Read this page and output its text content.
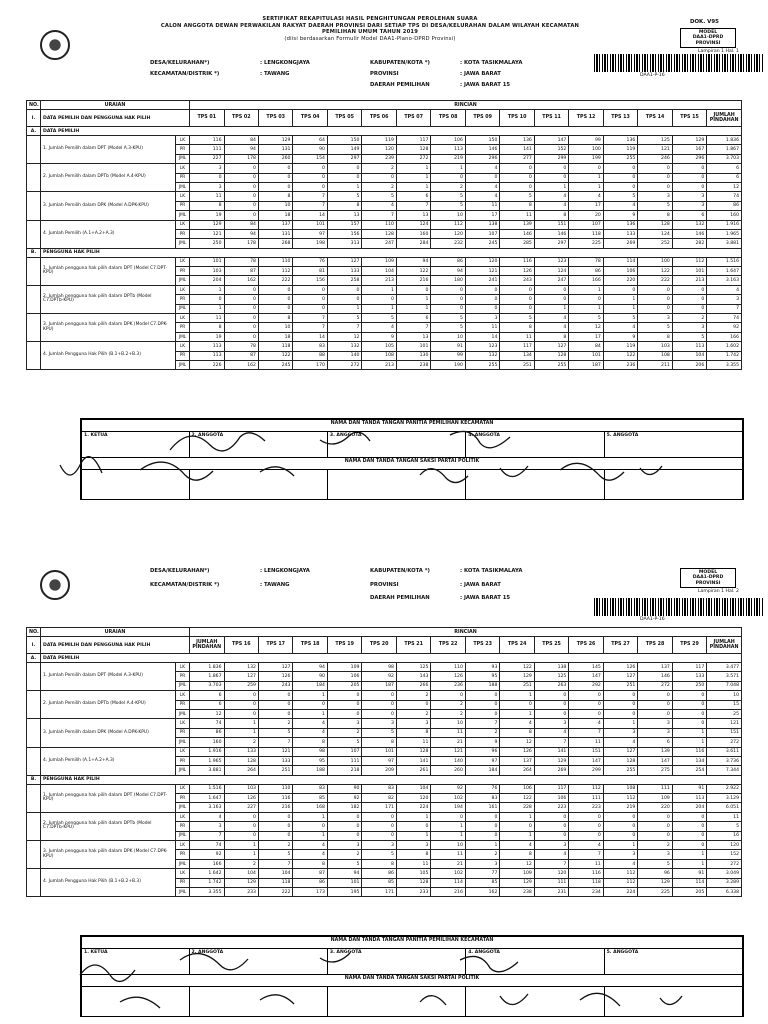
SERTIFIKAT REKAPITULASI HASIL PENGHITUNGAN PEROLEHAN SUARA
CALON ANGGOTA DEWAN PERWAKILAN RAKYAT DAERAH PROVINSI DARI SETIAP TPS DI DESA/KELURAHAN DALAM WILAYAH KECAMATAN
PEMILIHAN UMUM TAHUN 2019
(diisi berdasarkan Formulir Model DAA1-Plano-DPRD Provinsi)
DOK. V95
MODEL
DAA1-DPRD
PROVINSI
Lampiran 1 Hal. 1
DAA1-P-16
DESA/KELURAHAN*)	: LENGKONGJAYA	KABUPATEN/KOTA *)	: KOTA TASIKMALAYA
KECAMATAN/DISTRIK *)	: TAWANG	PROVINSI	: JAWA BARAT
DAERAH PEMILIHAN	: JAWA BARAT 15
NO.	URAIAN		RINCIAN															
I.	DATA PEMILIH DAN PENGGUNA HAK PILIH		TPS 01	TPS 02	TPS 03	TPS 04	TPS 05	TPS 06	TPS 07	TPS 08	TPS 09	TPS 10	TPS 11	TPS 12	TPS 13	TPS 14	TPS 15	JUMLAH PINDAHAN
A.	DATA PEMILIH																	
	1. Jumlah Pemilih dalam DPT (Model A.3-KPU)	LK	116	84	129	64	150	119	117	106	150	136	147	99	136	125	129	1.836
		PR	111	94	131	90	149	120	128	113	146	141	152	100	119	121	167	1.867
		JML	227	178	260	154	297	239	272	219	296	277	299	199	255	246	296	3.703
	2. Jumlah Pemilih dalam DPTb (Model A.4-KPU)	LK	3	0	0	0	0	2	1	1	4	0	0	0	0	0	0	6
		PR	0	0	0	0	0	0	1	0	0	0	0	1	0	0	0	6
		JML	3	0	0	0	1	2	1	2	4	0	1	1	0	0	0	12
	3. Jumlah Pemilih dalam DPK (Model A.DPK-KPU)	LK	11	0	8	7	5	5	6	5	4	5	4	4	5	3	3	74
		PR	8	0	10	7	8	4	7	5	11	8	4	17	4	5	3	86
		JML	19	0	18	14	13	7	13	10	17	11	8	20	9	8	6	160
	4. Jumlah Pemilih (A.1+A.2+A.3)	LK	129	84	137	101	157	110	124	112	138	139	151	107	136	128	132	1.916
		PR	121	94	131	97	156	128	160	120	107	146	146	118	133	124	146	1.965
		JML	250	178	268	198	313	247	284	232	245	285	297	225	269	252	282	3.881
B.	PENGGUNA HAK PILIH																	
	1. Jumlah pengguna hak pilih dalam DPT (Model C7.DPT-KPU)	LK	101	78	110	76	127	109	94	86	120	116	123	78	114	100	112	1.516
		PR	103	87	112	81	133	104	122	94	121	126	124	86	106	122	101	1.647
		JML	204	162	222	156	258	213	216	180	241	243	247	166	220	222	213	3.163
	2. Jumlah pengguna hak pilih dalam DPTb (Model C7.DPTb-KPU)	LK	1	0	0	0	0	1	0	0	0	0	0	1	0	0	0	4
		PR	0	0	0	0	0	0	1	0	0	0	0	0	1	0	0	3
		JML	1	0	0	0	1	1	1	0	0	0	1	1	1	0	0	7
	3. Jumlah pengguna hak pilih dalam DPK (Model C7.DPK-KPU)	LK	11	0	8	7	5	5	6	5	3	5	4	5	5	3	2	74
		PR	8	0	10	7	7	4	7	5	11	8	4	12	4	5	3	92
		JML	19	0	18	14	12	9	13	10	14	11	8	17	9	8	5	166
	4. Jumlah Pengguna Hak Pilih (B.1+B.2+B.3)	LK	113	78	118	83	132	105	101	91	123	117	127	84	119	103	113	1.602
		PR	113	87	122	88	140	108	130	99	132	134	128	101	122	108	104	1.742
		JML	226	162	245	170	272	213	238	190	255	251	255	187	236	211	206	3.355
NAMA DAN TANDA TANGAN PANITIA PEMILIHAN KECAMATAN				
1. KETUA	2. ANGGOTA	3. ANGGOTA	4. ANGGOTA	5. ANGGOTA
NAMA DAN TANDA TANGAN SAKSI PARTAI POLITIK				

DESA/KELURAHAN*)	: LENGKONGJAYA	KABUPATEN/KOTA *)	: KOTA TASIKMALAYA
KECAMATAN/DISTRIK *)	: TAWANG	PROVINSI	: JAWA BARAT
DAERAH PEMILIHAN	: JAWA BARAT 15
MODEL
DAA1-DPRD
PROVINSI
Lampiran 1 Hal. 2
DAA1-P-16
NO.	URAIAN		RINCIAN															
I.	DATA PEMILIH DAN PENGGUNA HAK PILIH		JUMLAH PINDAHAN	TPS 16	TPS 17	TPS 18	TPS 19	TPS 20	TPS 21	TPS 22	TPS 23	TPS 24	TPS 25	TPS 26	TPS 27	TPS 28	TPS 29	JUMLAH PINDAHAN
A.	DATA PEMILIH																	
	1. Jumlah Pemilih dalam DPT (Model A.3-KPU)	LK	1.836	132	127	94	109	98	125	110	93	122	138	145	126	137	117	3.477
		PR	1.867	127	126	90	106	92	143	126	95	129	125	147	127	146	133	3.571
		JML	3.703	259	243	184	205	187	266	236	188	251	263	292	251	272	250	7.048
	2. Jumlah Pemilih dalam DPTb (Model A.4-KPU)	LK	6	0	0	1	0	0	2	0	0	1	0	0	0	0	0	10
		PR	6	0	0	0	0	0	0	2	0	0	0	0	0	0	0	15
		JML	12	0	0	1	0	0	2	2	0	1	0	0	0	0	0	25
	3. Jumlah Pemilih dalam DPK (Model A.DPK-KPU)	LK	74	1	2	4	3	3	3	10	7	4	3	4	1	3	0	121
		PR	86	1	5	4	2	5	8	11	2	8	4	7	3	3	1	151
		JML	160	2	7	8	5	8	11	21	9	12	7	11	4	6	1	272
	4. Jumlah Pemilih (A.1+A.2+A.3)	LK	1.916	133	121	98	107	101	128	121	96	126	141	151	127	139	116	3.611
		PR	1.965	128	133	95	111	97	141	140	97	137	129	147	128	147	134	3.736
		JML	3.881	264	251	188	218	209	261	260	184	264	269	299	255	275	254	7.344
B.	PENGGUNA HAK PILIH																	
	1. Jumlah pengguna hak pilih dalam DPT (Model C7.DPT-KPU)	LK	1.516	103	110	83	90	83	104	92	76	106	117	112	108	111	91	2.922
		PR	1.647	126	116	85	92	82	120	102	83	122	106	111	112	109	113	3.129
		JML	3.163	227	216	168	182	171	224	194	161	228	223	223	219	220	204	6.051
	2. Jumlah pengguna hak pilih dalam DPTb (Model C7.DPTb-KPU)	LK	4	0	0	1	0	0	1	0	0	1	0	0	0	0	0	11
		PR	3	0	0	0	0	0	0	1	0	0	0	0	0	0	0	5
		JML	7	0	0	1	0	0	1	1	0	1	0	0	0	0	0	16
	3. Jumlah pengguna hak pilih dalam DPK (Model C7.DPK-KPU)	LK	74	1	2	4	3	3	3	10	1	4	3	4	1	2	0	120
		PR	92	1	5	4	2	5	8	11	2	8	4	7	3	3	1	152
		JML	166	2	7	8	5	8	11	21	3	12	7	11	4	5	1	272
	4. Jumlah Pengguna Hak Pilih (B.1+B.2+B.3)	LK	1.642	104	104	87	94	86	105	102	77	109	120	116	112	96	91	3.049
		PR	1.742	129	118	86	101	85	128	114	85	129	111	118	112	129	114	3.289
		JML	3.355	233	222	173	195	171	233	216	162	238	231	234	224	225	205	6.338
NAMA DAN TANDA TANGAN PANITIA PEMILIHAN KECAMATAN				
1. KETUA	2. ANGGOTA	3. ANGGOTA	4. ANGGOTA	5. ANGGOTA
NAMA DAN TANDA TANGAN SAKSI PARTAI POLITIK				
